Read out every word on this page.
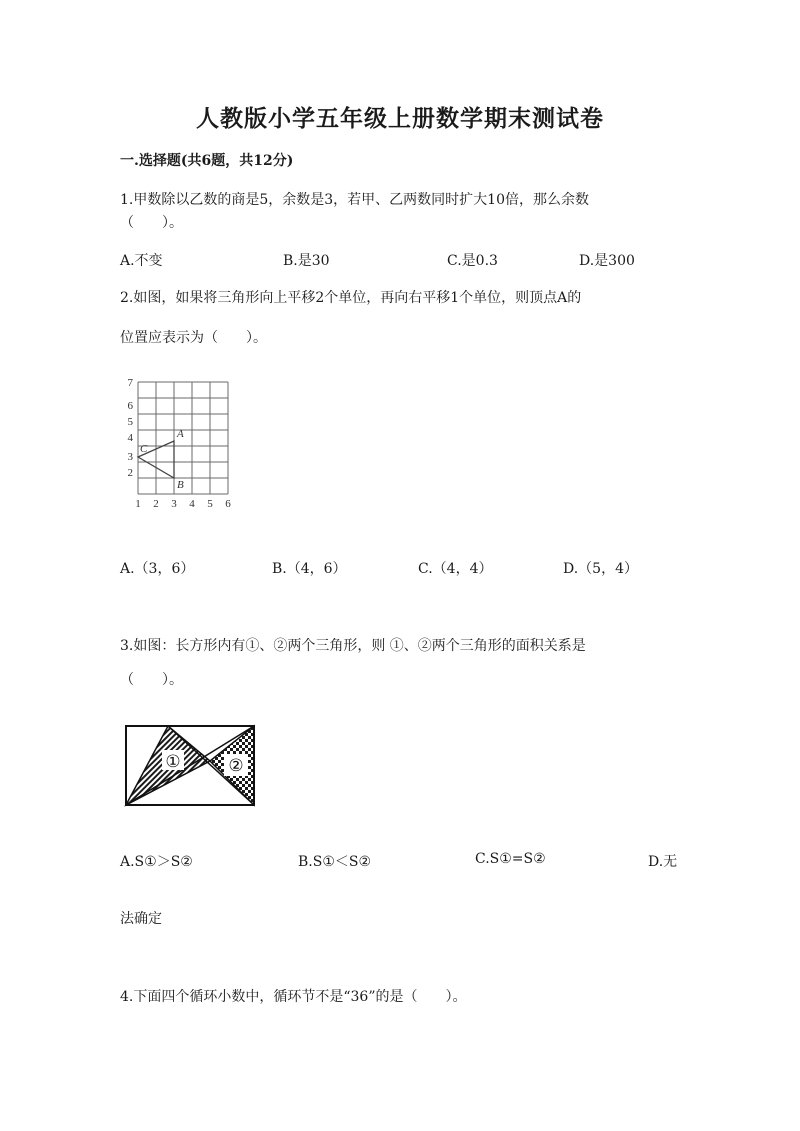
人教版小学五年级上册数学期末测试卷
一.选择题(共6题，共12分)
1.甲数除以乙数的商是5，余数是3，若甲、乙两数同时扩大10倍，那么余数
（　　）。
A.不变	B.是30	C.是0.3	D.是300
2.如图，如果将三角形向上平移2个单位，再向右平移1个单位，则顶点A的
位置应表示为（　　）。
7
6
5
4
3
2
1 2 3 4 5 6
A
B
C
A.（3，6）	B.（4，6）	C.（4，4）	D.（5，4）
3.如图：长方形内有①、②两个三角形，则 ①、②两个三角形的面积关系是
（　　）。
①	②
A.S①＞S②	B.S①＜S②	C.S①=S②	D.无
法确定
4.下面四个循环小数中，循环节不是“36”的是（　　）。
